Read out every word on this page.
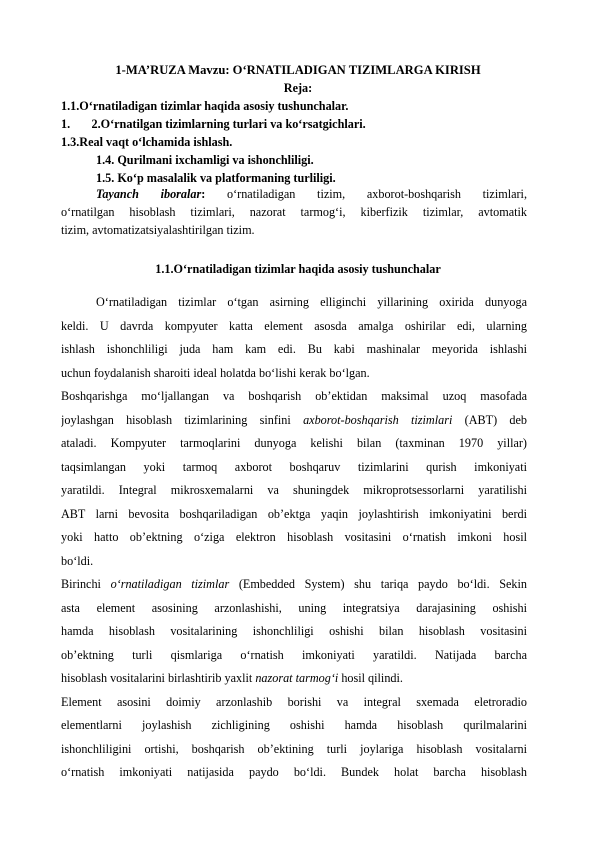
1-MA’RUZA Mavzu: O‘RNATILADIGAN TIZIMLARGA KIRISH
Reja:
1.1.O‘rnatiladigan tizimlar haqida asosiy tushunchalar.
1.       2.O‘rnatilgan tizimlarning turlari va ko‘rsatgichlari.
1.3.Real vaqt o‘lchamida ishlash.
1.4. Qurilmani ixchamligi va ishonchliligi.
1.5. Ko‘p masalalik va platformaning turliligi.

Tayanch iboralar: o‘rnatiladigan tizim, axborot-boshqarish tizimlari,

o‘rnatilgan hisoblash tizimlari, nazorat tarmog‘i, kiberfizik tizimlar, avtomatik

tizim, avtomatizatsiyalashtirilgan tizim.

1.1.O‘rnatiladigan tizimlar haqida asosiy tushunchalar
O‘rnatiladigan tizimlar o‘tgan asirning elliginchi yillarining oxirida dunyoga
keldi. U davrda kompyuter katta element asosda amalga oshirilar edi, ularning
ishlash ishonchliligi juda ham kam edi. Bu kabi mashinalar meyorida ishlashi
uchun foydalanish sharoiti ideal holatda bo‘lishi kerak bo‘lgan.
Boshqarishga mo‘ljallangan va boshqarish ob’ektidan maksimal uzoq masofada
joylashgan hisoblash tizimlarining sinfini axborot-boshqarish tizimlari (ABT) deb
ataladi. Kompyuter tarmoqlarini dunyoga kelishi bilan (taxminan 1970 yillar)
taqsimlangan yoki tarmoq axborot boshqaruv tizimlarini qurish imkoniyati
yaratildi. Integral mikrosxemalarni va shuningdek mikroprotsessorlarni yaratilishi
ABT larni bevosita boshqariladigan ob’ektga yaqin joylashtirish imkoniyatini berdi
yoki hatto ob’ektning o‘ziga elektron hisoblash vositasini o‘rnatish imkoni hosil
bo‘ldi.
Birinchi o‘rnatiladigan tizimlar (Embedded System) shu tariqa paydo bo‘ldi. Sekin
asta element asosining arzonlashishi, uning integratsiya darajasining oshishi
hamda hisoblash vositalarining ishonchliligi oshishi bilan hisoblash vositasini
ob’ektning turli qismlariga o‘rnatish imkoniyati yaratildi. Natijada barcha
hisoblash vositalarini birlashtirib yaxlit nazorat tarmog‘i hosil qilindi.
Element asosini doimiy arzonlashib borishi va integral sxemada eletroradio
elementlarni joylashish zichligining oshishi hamda hisoblash qurilmalarini
ishonchliligini ortishi, boshqarish ob’ektining turli joylariga hisoblash vositalarni
o‘rnatish imkoniyati natijasida paydo bo‘ldi. Bundek holat barcha hisoblash
